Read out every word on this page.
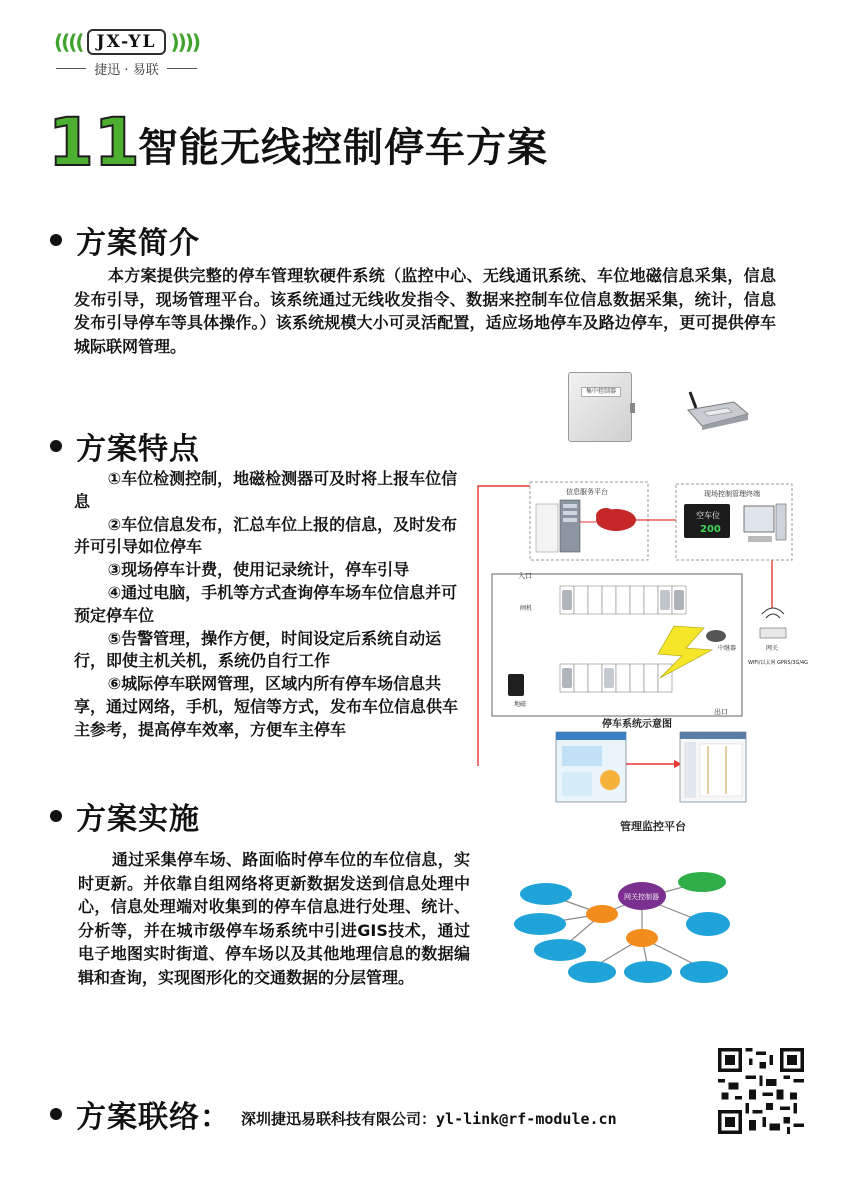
(((( JX-YL ))))
捷迅 · 易联
11
智能无线控制停车方案
方案简介
本方案提供完整的停车管理软硬件系统（监控中心、无线通讯系统、车位地磁信息采集，信息发布引导，现场管理平台。该系统通过无线收发指令、数据来控制车位信息数据采集，统计，信息发布引导停车等具体操作。）该系统规模大小可灵活配置，适应场地停车及路边停车，更可提供停车城际联网管理。
方案特点
①车位检测控制，地磁检测器可及时将上报车位信息
②车位信息发布，汇总车位上报的信息，及时发布并可引导如位停车
③现场停车计费，使用记录统计，停车引导
④通过电脑，手机等方式查询停车场车位信息并可预定停车位
⑤告警管理，操作方便，时间设定后系统自动运行，即使主机关机，系统仍自行工作
⑥城际停车联网管理，区域内所有停车场信息共享，通过网络，手机，短信等方式，发布车位信息供车主参考，提高停车效率，方便车主停车
方案实施
通过采集停车场、路面临时停车位的车位信息，实时更新。并依靠自组网络将更新数据发送到信息处理中心，信息处理端对收集到的停车信息进行处理、统计、分析等，并在城市级停车场系统中引进GIS技术，通过电子地图实时街道、停车场以及其他地理信息的数据编辑和查询，实现图形化的交通数据的分层管理。
集中控制器
信息服务平台	现场控制管理终端
空车位
200
入口
出口
闸机
地磁
中继器	网关
WIFI/以太网 GPRS/3G/4G
停车系统示意图
管理监控平台
网关控制器
方案联络： 深圳捷迅易联科技有限公司：yl-link@rf-module.cn
